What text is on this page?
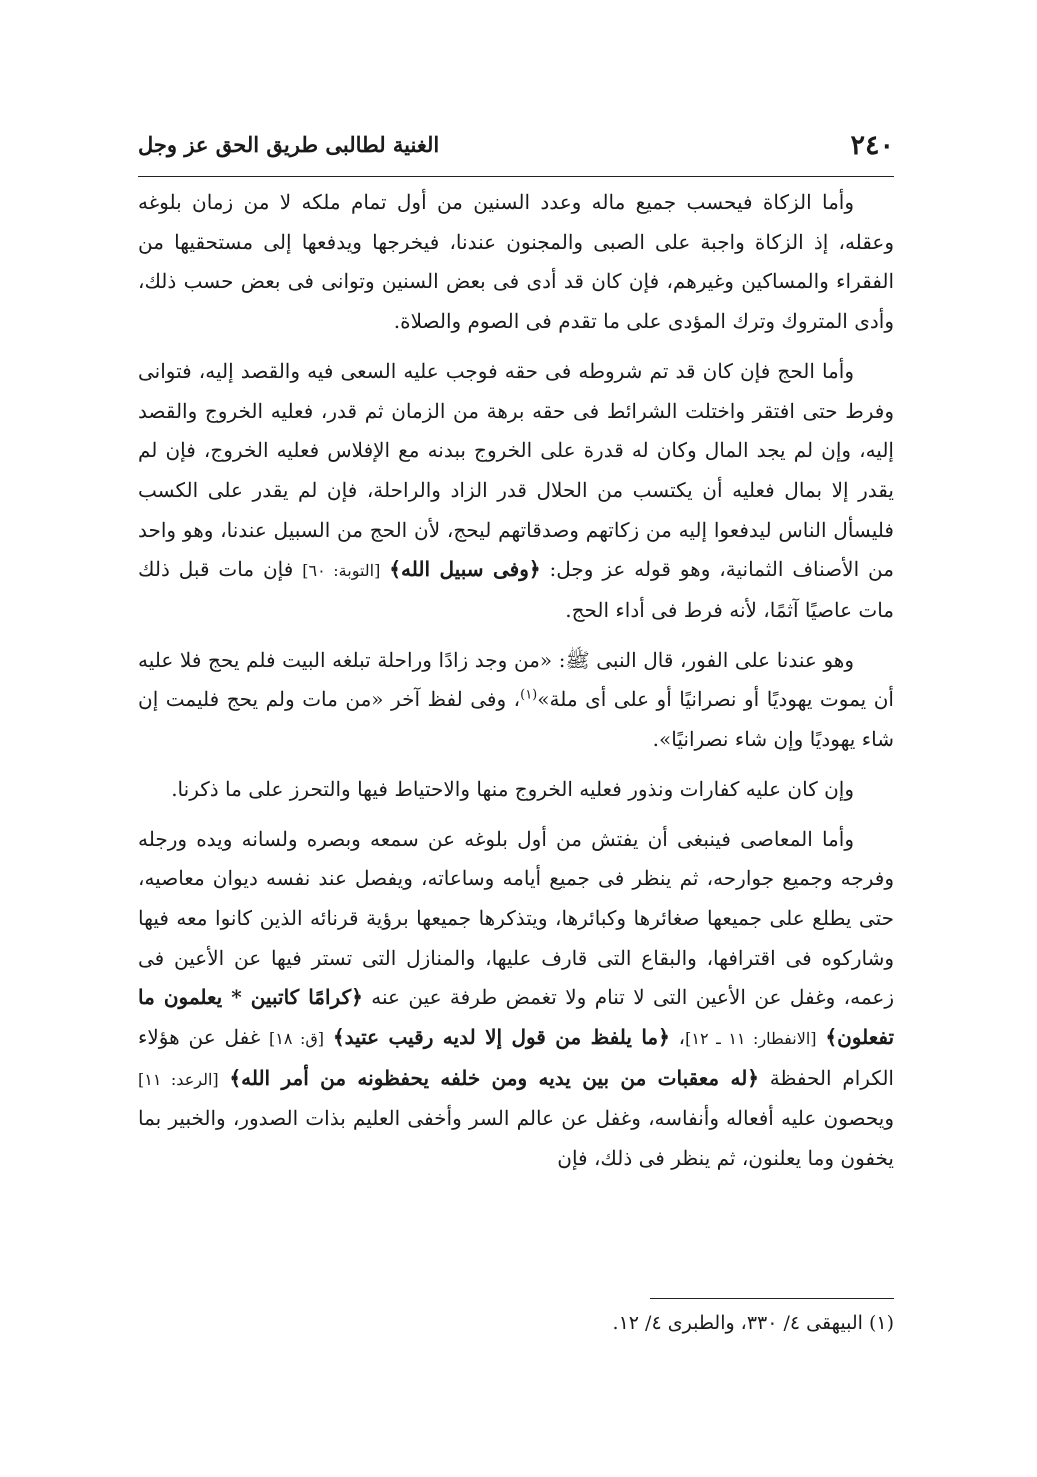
٢٤٠
الغنية لطالبى طريق الحق عز وجل

وأما الزكاة فيحسب جميع ماله وعدد السنين من أول تمام ملكه لا من زمان بلوغه وعقله، إذ الزكاة واجبة على الصبى والمجنون عندنا، فيخرجها ويدفعها إلى مستحقيها من الفقراء والمساكين وغيرهم، فإن كان قد أدى فى بعض السنين وتوانى فى بعض حسب ذلك، وأدى المتروك وترك المؤدى على ما تقدم فى الصوم والصلاة.

وأما الحج فإن كان قد تم شروطه فى حقه فوجب عليه السعى فيه والقصد إليه، فتوانى وفرط حتى افتقر واختلت الشرائط فى حقه برهة من الزمان ثم قدر، فعليه الخروج والقصد إليه، وإن لم يجد المال وكان له قدرة على الخروج ببدنه مع الإفلاس فعليه الخروج، فإن لم يقدر إلا بمال فعليه أن يكتسب من الحلال قدر الزاد والراحلة، فإن لم يقدر على الكسب فليسأل الناس ليدفعوا إليه من زكاتهم وصدقاتهم ليحج، لأن الحج من السبيل عندنا، وهو واحد من الأصناف الثمانية، وهو قوله عز وجل: ﴿وفى سبيل الله﴾ [التوبة: ٦٠] فإن مات قبل ذلك مات عاصيًا آثمًا، لأنه فرط فى أداء الحج.

وهو عندنا على الفور، قال النبى ﷺ: «من وجد زادًا وراحلة تبلغه البيت فلم يحج فلا عليه أن يموت يهوديًا أو نصرانيًا أو على أى ملة»$^{(١)}$، وفى لفظ آخر «من مات ولم يحج فليمت إن شاء يهوديًا وإن شاء نصرانيًا».

وإن كان عليه كفارات ونذور فعليه الخروج منها والاحتياط فيها والتحرز على ما ذكرنا.

وأما المعاصى فينبغى أن يفتش من أول بلوغه عن سمعه وبصره ولسانه ويده ورجله وفرجه وجميع جوارحه، ثم ينظر فى جميع أيامه وساعاته، ويفصل عند نفسه ديوان معاصيه، حتى يطلع على جميعها صغائرها وكبائرها، ويتذكرها جميعها برؤية قرنائه الذين كانوا معه فيها وشاركوه فى اقترافها، والبقاع التى قارف عليها، والمنازل التى تستر فيها عن الأعين فى زعمه، وغفل عن الأعين التى لا تنام ولا تغمض طرفة عين عنه ﴿كرامًا كاتبين * يعلمون ما تفعلون﴾ [الانفطار: ١١ ـ ١٢]، ﴿ما يلفظ من قول إلا لديه رقيب عتيد﴾ [ق: ١٨] غفل عن هؤلاء الكرام الحفظة ﴿له معقبات من بين يديه ومن خلفه يحفظونه من أمر الله﴾ [الرعد: ١١] ويحصون عليه أفعاله وأنفاسه، وغفل عن عالم السر وأخفى العليم بذات الصدور، والخبير بما يخفون وما يعلنون، ثم ينظر فى ذلك، فإن

(١) البيهقى ٤/ ٣٣٠، والطبرى ٤/ ١٢.
